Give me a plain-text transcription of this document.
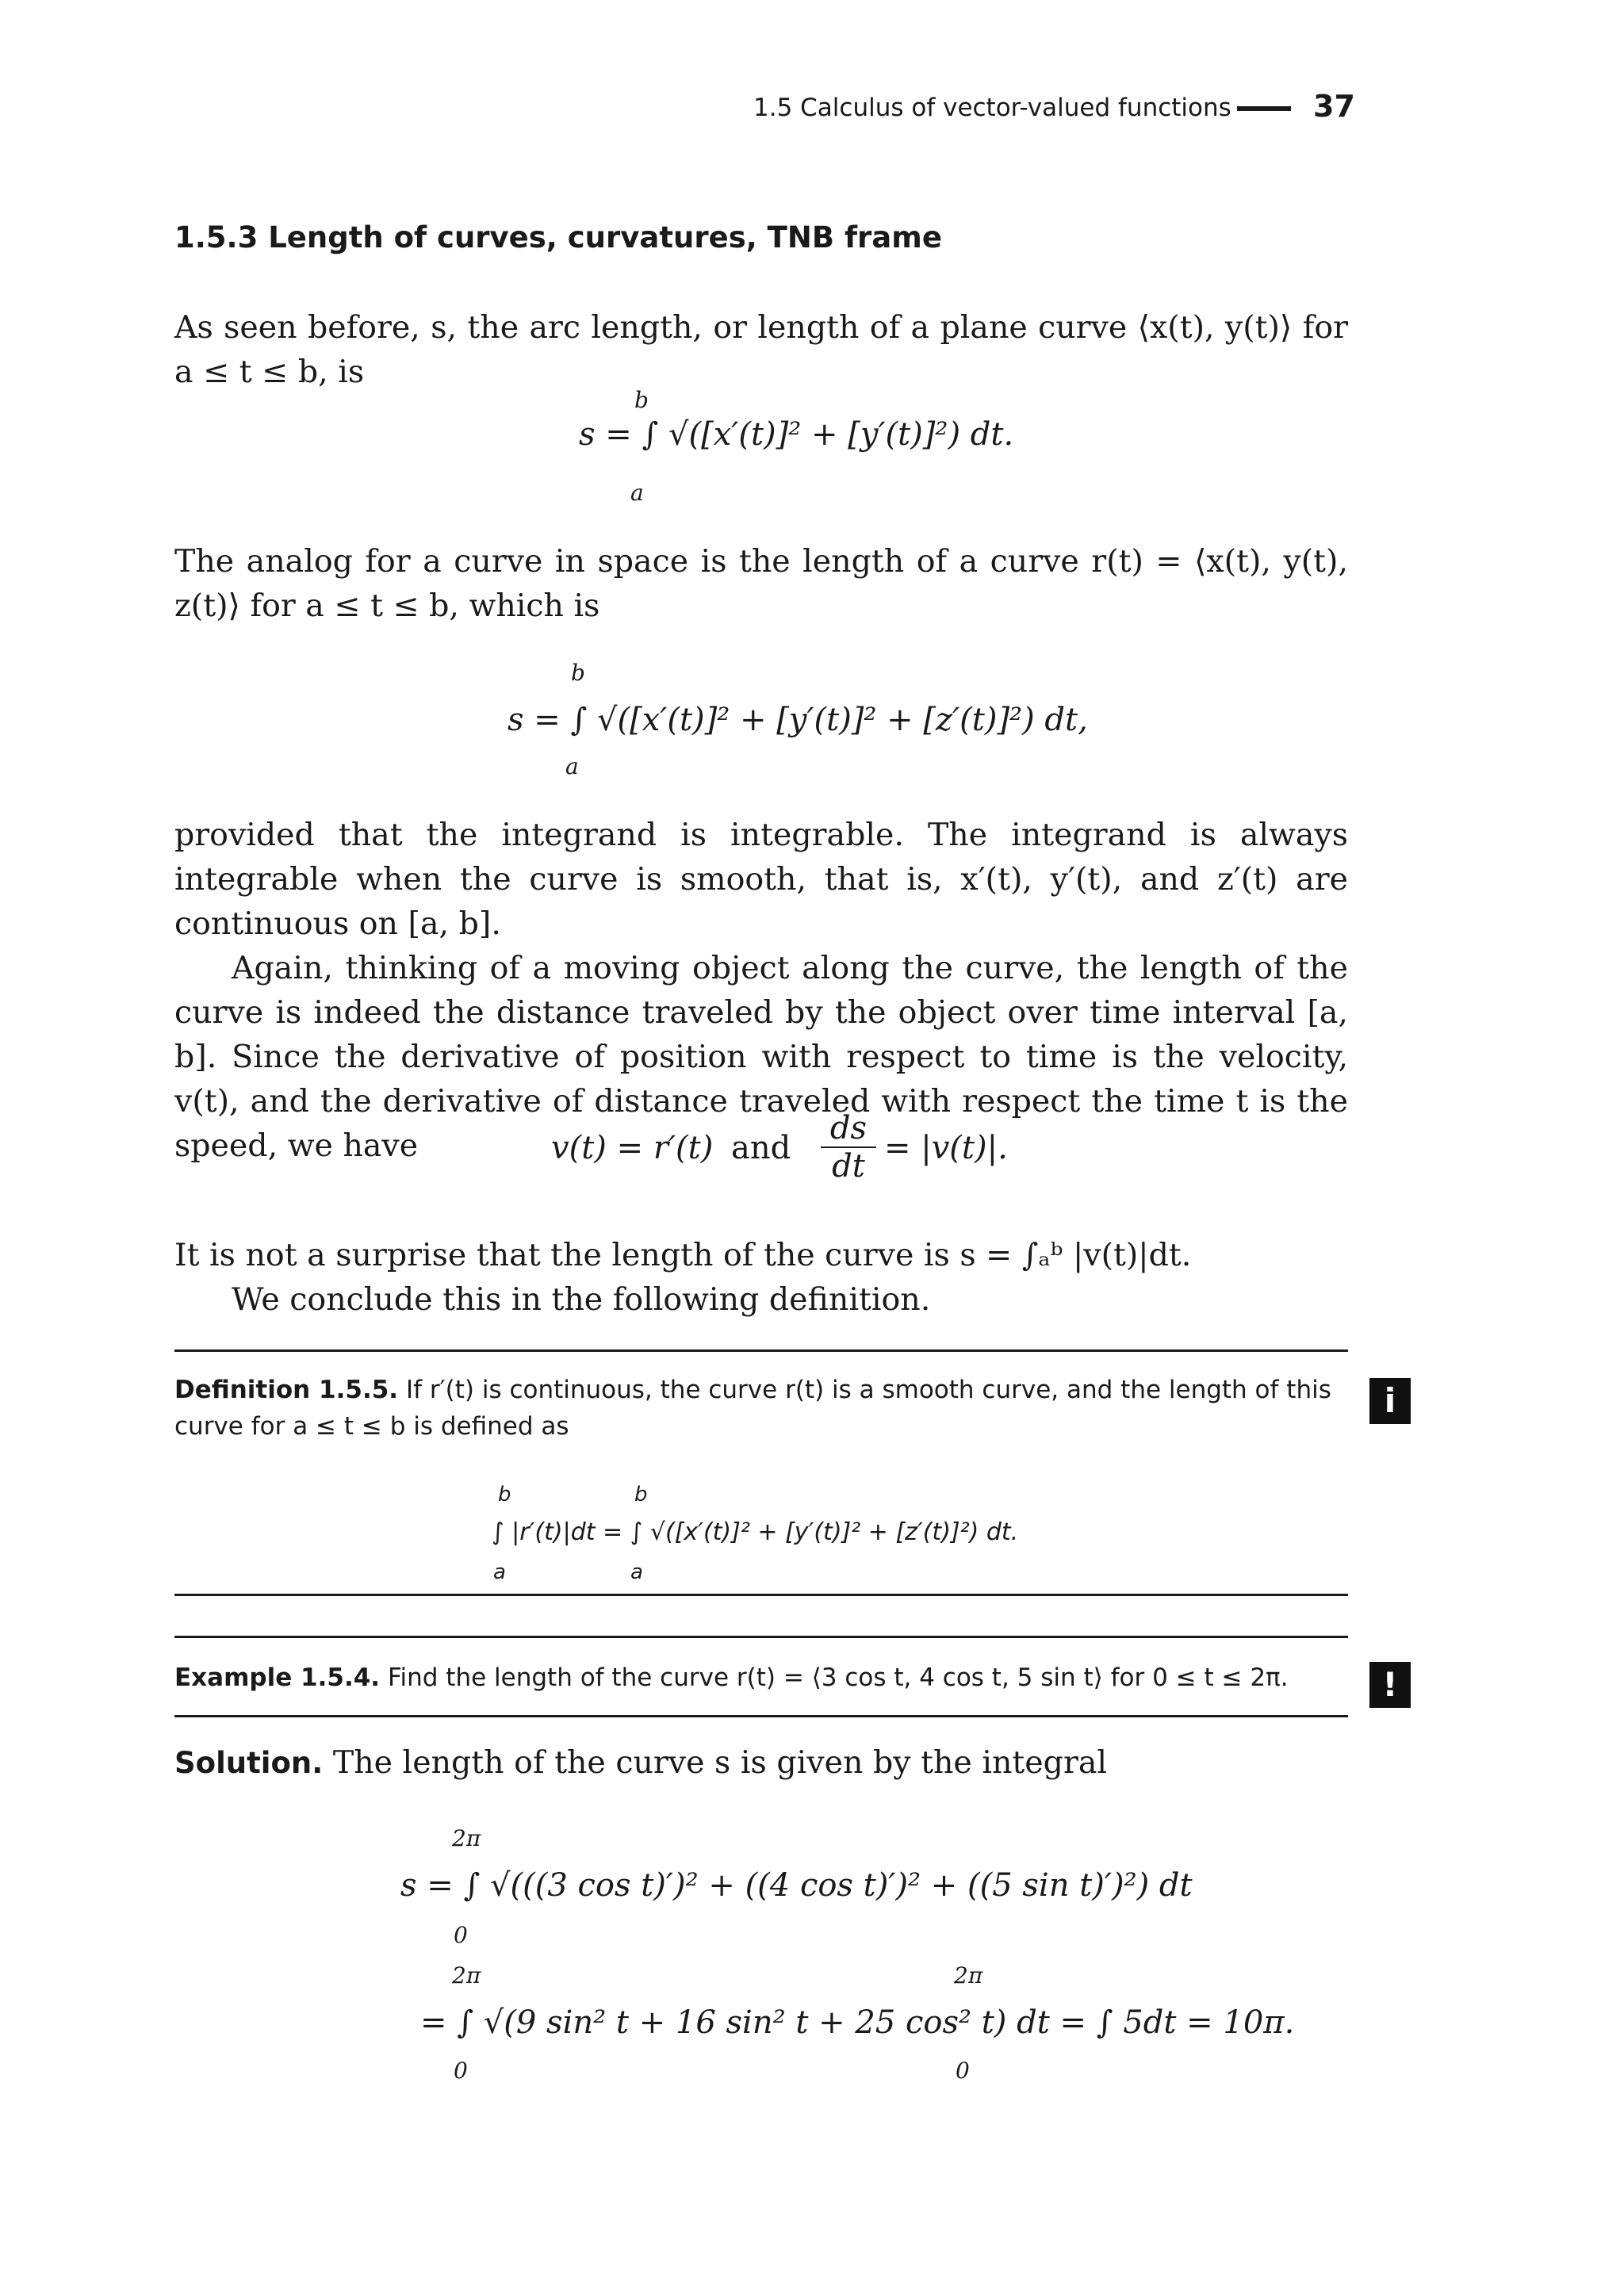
1.5 Calculus of vector-valued functions	37
1.5.3 Length of curves, curvatures, TNB frame

As seen before, s, the arc length, or length of a plane curve ⟨x(t), y(t)⟩ for a ≤ t ≤ b, is

b
s = ∫ √([x′(t)]² + [y′(t)]²) dt.
a

The analog for a curve in space is the length of a curve r(t) = ⟨x(t), y(t), z(t)⟩ for a ≤ t ≤ b, which is

b
s = ∫ √([x′(t)]² + [y′(t)]² + [z′(t)]²) dt,
a

provided that the integrand is integrable. The integrand is always integrable when the curve is smooth, that is, x′(t), y′(t), and z′(t) are continuous on [a, b].

Again, thinking of a moving object along the curve, the length of the curve is indeed the distance traveled by the object over time interval [a, b]. Since the derivative of position with respect to time is the velocity, v(t), and the derivative of distance traveled with respect the time t is the speed, we have	v(t) = r′(t) and $\frac{ds}{dt} = |v(t)|$.

It is not a surprise that the length of the curve is s = ∫ₐᵇ |v(t)|dt.

We conclude this in the following definition.

i
Definition 1.5.5. If r′(t) is continuous, the curve r(t) is a smooth curve, and the length of this curve for a ≤ t ≤ b is defined as
b	b
∫ |r′(t)|dt = ∫ √([x′(t)]² + [y′(t)]² + [z′(t)]²) dt.
a	a
!
Example 1.5.4. Find the length of the curve r(t) = ⟨3 cos t, 4 cos t, 5 sin t⟩ for 0 ≤ t ≤ 2π.
Solution. The length of the curve s is given by the integral
2π
s = ∫ √(((3 cos t)′)² + ((4 cos t)′)² + ((5 sin t)′)²) dt
0
2π	2π
= ∫ √(9 sin² t + 16 sin² t + 25 cos² t) dt = ∫ 5dt = 10π.
0	0
